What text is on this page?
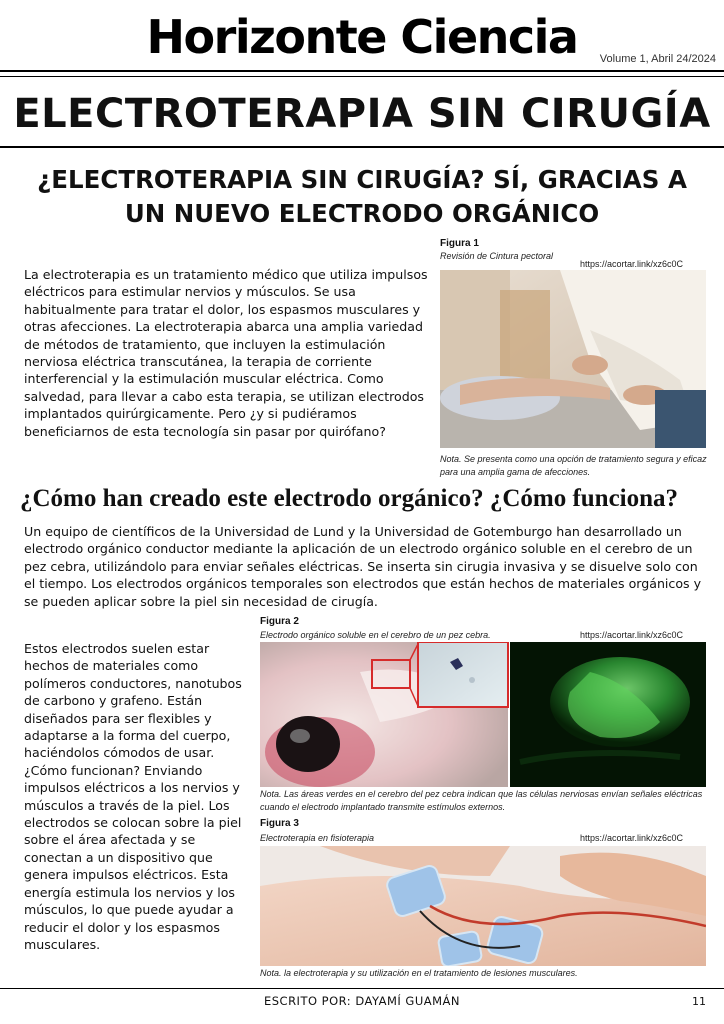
Horizonte Ciencia	Volume 1, Abril 24/2024
ELECTROTERAPIA SIN CIRUGÍA
¿ELECTROTERAPIA SIN CIRUGÍA? SÍ, GRACIAS A UN NUEVO ELECTRODO ORGÁNICO
La electroterapia es un tratamiento médico que utiliza impulsos eléctricos para estimular nervios y músculos. Se usa habitualmente para tratar el dolor, los espasmos musculares y otras afecciones. La electroterapia abarca una amplia variedad de métodos de tratamiento, que incluyen la estimulación nerviosa eléctrica transcutánea, la terapia de corriente interferencial y la estimulación muscular eléctrica. Como salvedad, para llevar a cabo esta terapia, se utilizan electrodos implantados quirúrgicamente. Pero ¿y si pudiéramos beneficiarnos de esta tecnología sin pasar por quirófano?
Figura 1
Revisión de Cintura pectoral
https://acortar.link/xz6c0C
Nota. Se presenta como una opción de tratamiento segura y eficaz para una amplia gama de afecciones.
¿Cómo han creado este electrodo orgánico? ¿Cómo funciona?
Un equipo de científicos de la Universidad de Lund y la Universidad de Gotemburgo han desarrollado un electrodo orgánico conductor mediante la aplicación de un electrodo orgánico soluble en el cerebro de un pez cebra, utilizándolo para enviar señales eléctricas. Se inserta sin cirugia invasiva y se disuelve solo con el tiempo. Los electrodos orgánicos temporales son electrodos que están hechos de materiales orgánicos y se pueden aplicar sobre la piel sin necesidad de cirugía.
Estos electrodos suelen estar hechos de materiales como polímeros conductores, nanotubos de carbono y grafeno. Están diseñados para ser flexibles y adaptarse a la forma del cuerpo, haciéndolos cómodos de usar. ¿Cómo funcionan? Enviando impulsos eléctricos a los nervios y músculos a través de la piel. Los electrodos se colocan sobre la piel sobre el área afectada y se conectan a un dispositivo que genera impulsos eléctricos. Esta energía estimula los nervios y los músculos, lo que puede ayudar a reducir el dolor y los espasmos musculares.
Figura 2
Electrodo orgánico soluble en el cerebro de un pez cebra.	https://acortar.link/xz6c0C
Nota. Las áreas verdes en el cerebro del pez cebra indican que las células nerviosas envían señales eléctricas cuando el electrodo implantado transmite estímulos externos.
Figura 3
Electroterapia en fisioterapia	https://acortar.link/xz6c0C
Nota. la electroterapia y su utilización en el tratamiento de lesiones musculares.
ESCRITO POR: DAYAMÍ GUAMÁN	11
